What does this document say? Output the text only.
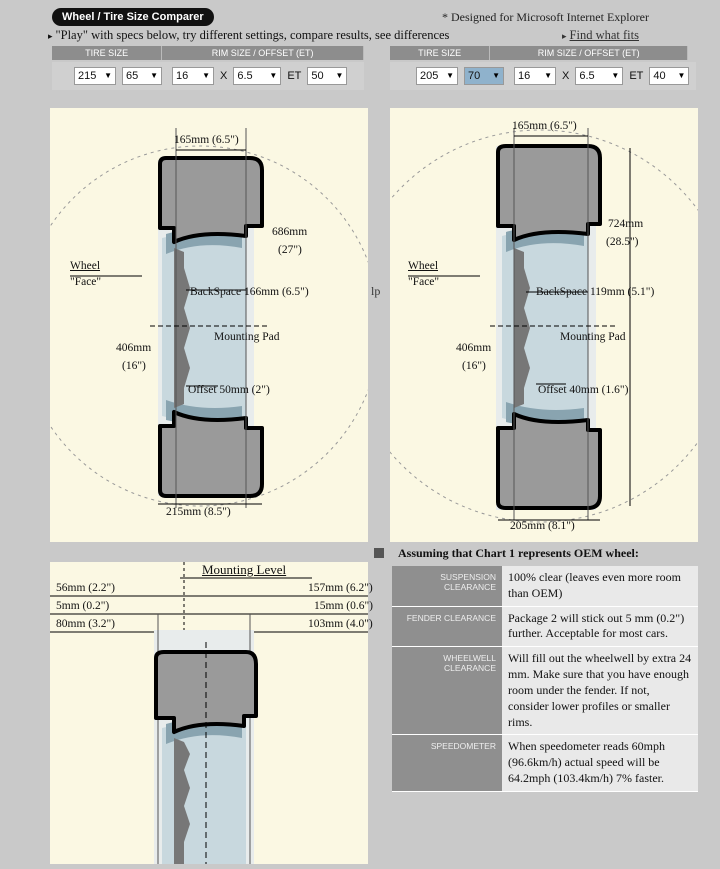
Wheel / Tire Size Comparer	* Designed for Microsoft Internet Explorer
▸ "Play" with specs below, try different settings, compare results, see differences	▸ Find what fits
TIRE SIZE	RIM SIZE / OFFSET (ET)	TIRE SIZE	RIM SIZE / OFFSET (ET)
215 ▼ 65 ▼ 16 ▼ X 6.5 ▼ ET 50 ▼	205 ▼ 70 ▼ 16 ▼ X 6.5 ▼ ET 40 ▼
165mm (6.5")
686mm
(27")
Wheel
"Face"
BackSpace 166mm (6.5")
Mounting Pad
406mm
(16")
Offset 50mm (2")
215mm (8.5")
lp
165mm (6.5")
724mm
(28.5")
Wheel
"Face"
BackSpace 119mm (5.1")
Mounting Pad
406mm
(16")
Offset 40mm (1.6")
205mm (8.1")
Mounting Level
56mm (2.2")	157mm (6.2")
5mm (0.2")	15mm (0.6")
80mm (3.2")	103mm (4.0")
Assuming that Chart 1 represents OEM wheel:
SUSPENSION CLEARANCE	100% clear (leaves even more room than OEM)
FENDER CLEARANCE	Package 2 will stick out 5 mm (0.2") further. Acceptable for most cars.
WHEELWELL CLEARANCE	Will fill out the wheelwell by extra 24 mm. Make sure that you have enough room under the fender. If not, consider lower profiles or smaller rims.
SPEEDOMETER	When speedometer reads 60mph (96.6km/h) actual speed will be 64.2mph (103.4km/h) 7% faster.
